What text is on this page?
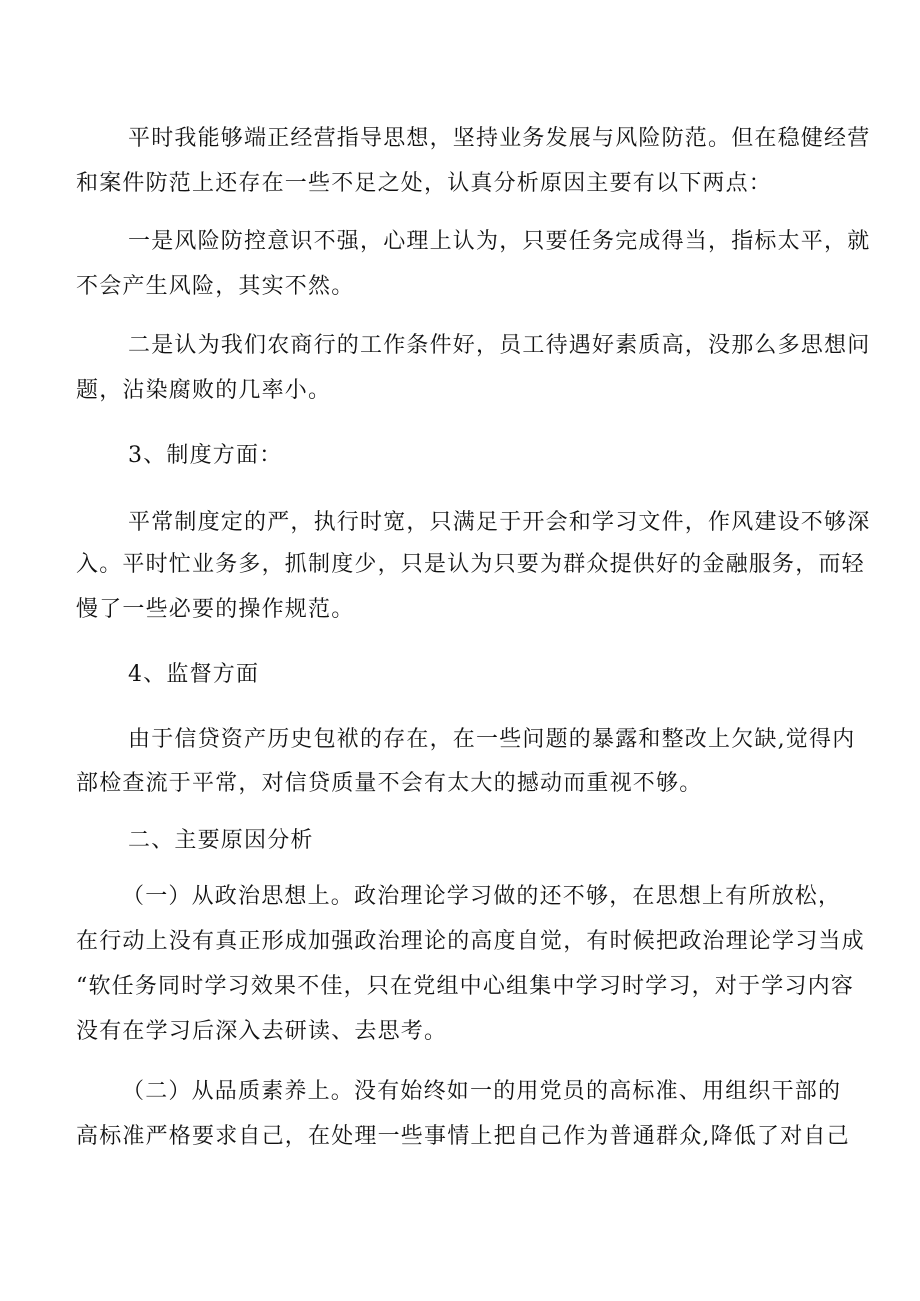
平时我能够端正经营指导思想，坚持业务发展与风险防范。但在稳健经营
和案件防范上还存在一些不足之处，认真分析原因主要有以下两点：
一是风险防控意识不强，心理上认为，只要任务完成得当，指标太平，就
不会产生风险，其实不然。
二是认为我们农商行的工作条件好，员工待遇好素质高，没那么多思想问
题，沾染腐败的几率小。
3、制度方面：
平常制度定的严，执行时宽，只满足于开会和学习文件，作风建设不够深
入。平时忙业务多，抓制度少，只是认为只要为群众提供好的金融服务，而轻
慢了一些必要的操作规范。
4、监督方面
由于信贷资产历史包袱的存在，在一些问题的暴露和整改上欠缺,觉得内
部检查流于平常，对信贷质量不会有太大的撼动而重视不够。
二、主要原因分析
（一）从政治思想上。政治理论学习做的还不够，在思想上有所放松，
在行动上没有真正形成加强政治理论的高度自觉，有时候把政治理论学习当成
“软任务同时学习效果不佳，只在党组中心组集中学习时学习，对于学习内容
没有在学习后深入去研读、去思考。
（二）从品质素养上。没有始终如一的用党员的高标准、用组织干部的
高标准严格要求自己，在处理一些事情上把自己作为普通群众,降低了对自己
